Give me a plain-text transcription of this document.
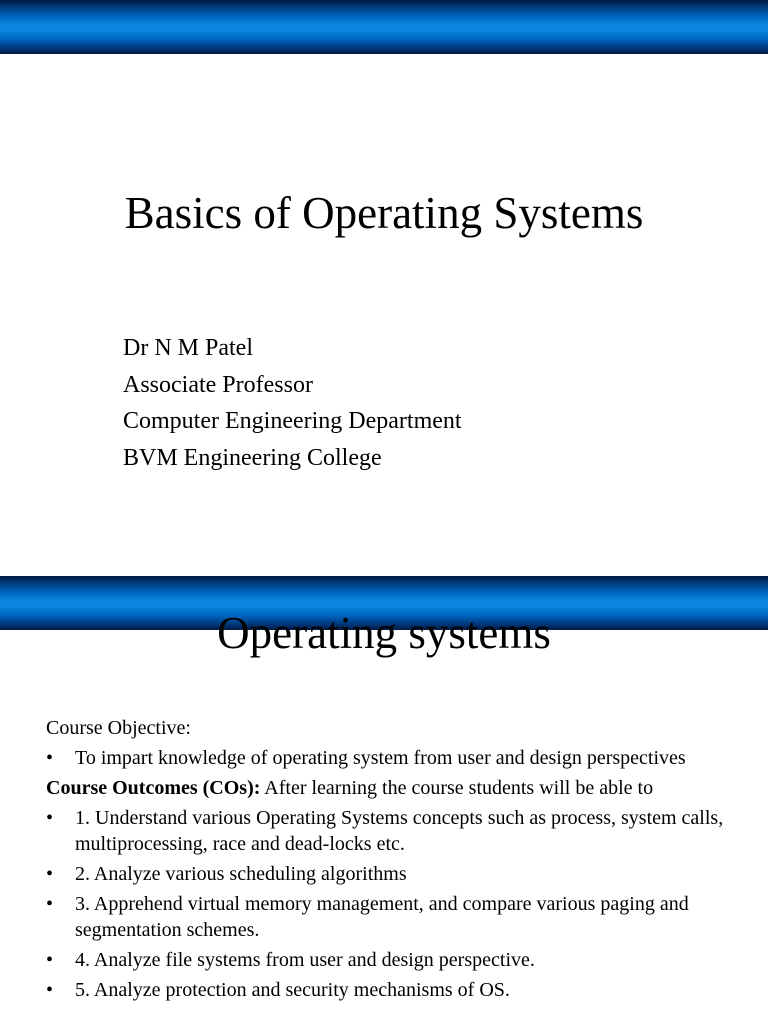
Basics of Operating Systems
Dr N M Patel
Associate Professor
Computer Engineering Department
BVM Engineering College
Operating systems
Course Objective:
• To impart knowledge of operating system from user and design perspectives
Course Outcomes (COs): After learning the course students will be able to
• 1. Understand various Operating Systems concepts such as process, system calls, multiprocessing, race and dead-locks etc.
• 2. Analyze various scheduling algorithms
• 3. Apprehend virtual memory management, and compare various paging and segmentation schemes.
• 4. Analyze file systems from user and design perspective.
• 5. Analyze protection and security mechanisms of OS.
